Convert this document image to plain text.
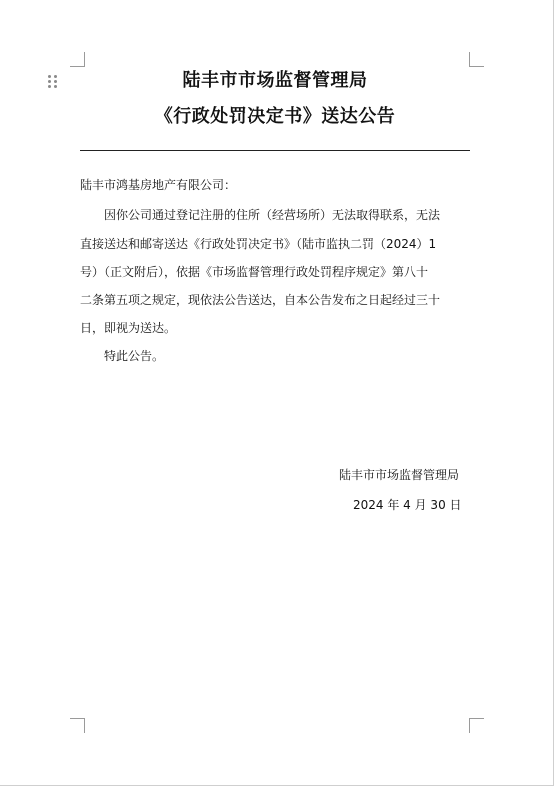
陆丰市市场监督管理局
《行政处罚决定书》送达公告
陆丰市鸿基房地产有限公司：
因你公司通过登记注册的住所（经营场所）无法取得联系，无法
直接送达和邮寄送达《行政处罚决定书》（陆市监执二罚（2024）1
号）（正文附后），依据《市场监督管理行政处罚程序规定》第八十
二条第五项之规定，现依法公告送达，自本公告发布之日起经过三十
日，即视为送达。
特此公告。
陆丰市市场监督管理局
2024 年 4 月 30 日
